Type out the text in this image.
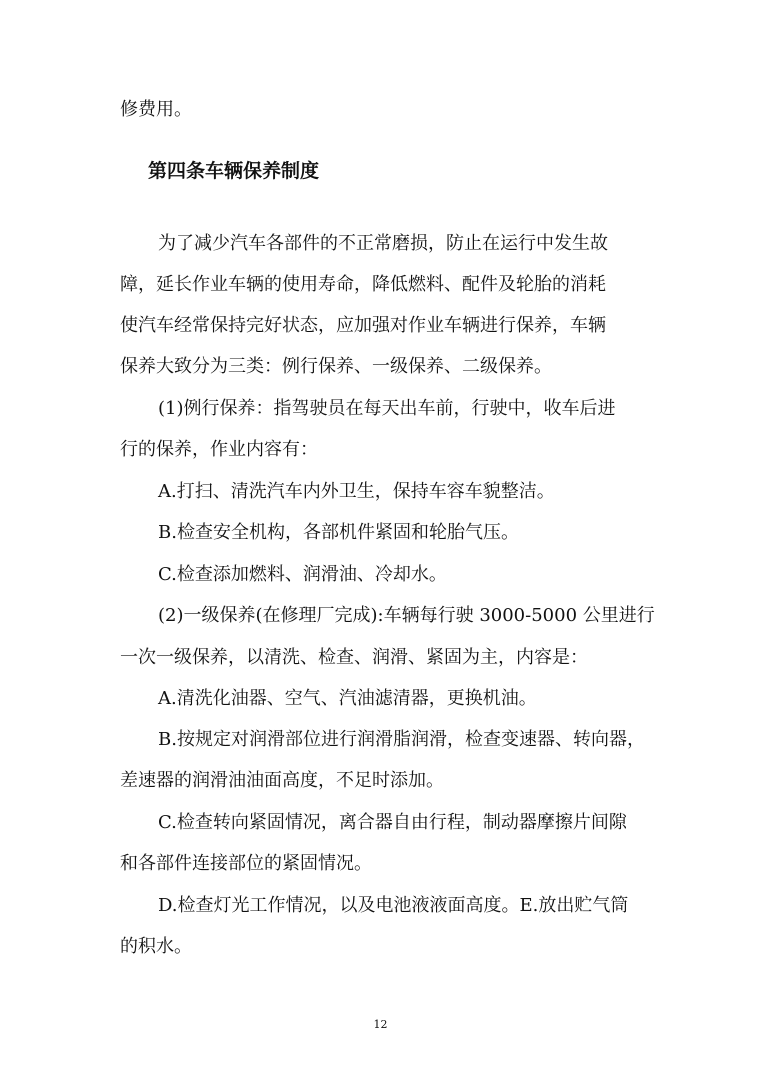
修费用。

第四条车辆保养制度

为了减少汽车各部件的不正常磨损，防止在运行中发生故

障，延长作业车辆的使用寿命，降低燃料、配件及轮胎的消耗

使汽车经常保持完好状态，应加强对作业车辆进行保养，车辆

保养大致分为三类：例行保养、一级保养、二级保养。

(1)例行保养：指驾驶员在每天出车前，行驶中，收车后进

行的保养，作业内容有：

A.打扫、清洗汽车内外卫生，保持车容车貌整洁。

B.检查安全机构，各部机件紧固和轮胎气压。

C.检查添加燃料、润滑油、冷却水。

(2)一级保养(在修理厂完成):车辆每行驶 3000-5000 公里进行

一次一级保养，以清洗、检查、润滑、紧固为主，内容是：

A.清洗化油器、空气、汽油滤清器，更换机油。

B.按规定对润滑部位进行润滑脂润滑，检查变速器、转向器，

差速器的润滑油油面高度，不足时添加。

C.检查转向紧固情况，离合器自由行程，制动器摩擦片间隙

和各部件连接部位的紧固情况。

D.检查灯光工作情况，以及电池液液面高度。E.放出贮气筒

的积水。

12
